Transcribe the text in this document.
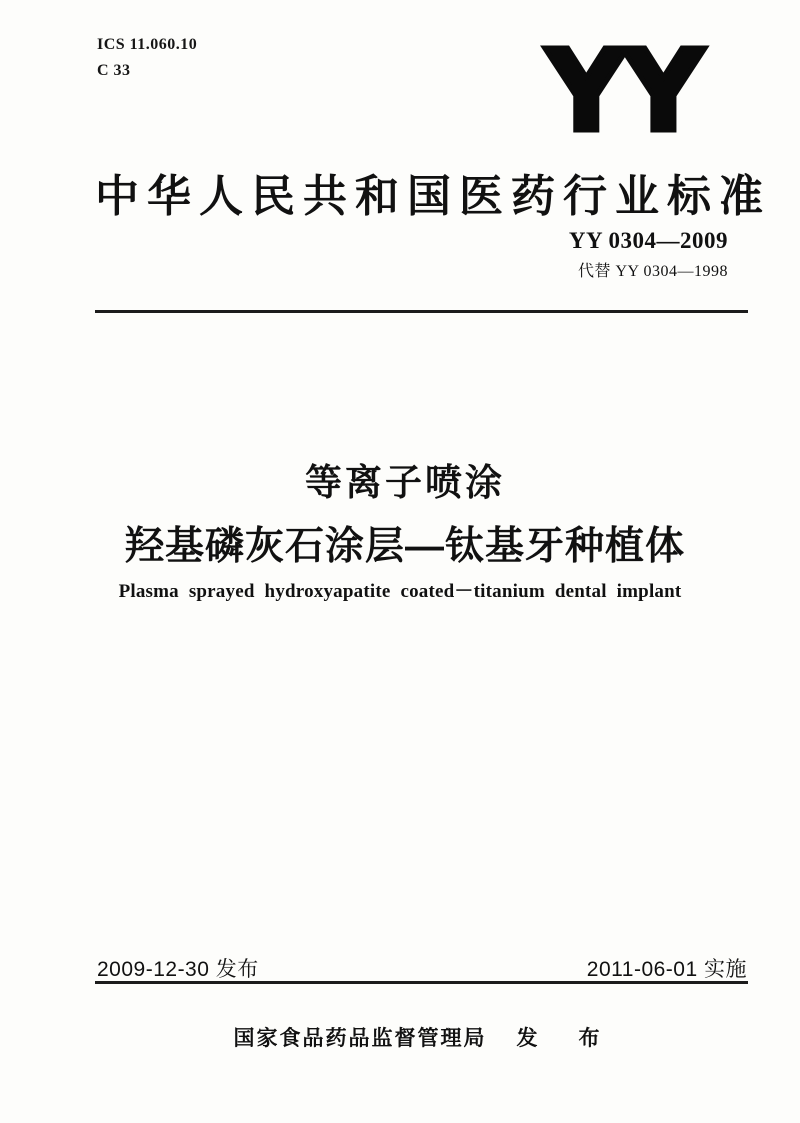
ICS 11.060.10
C 33	YY
中华人民共和国医药行业标准
YY 0304—2009
代替 YY 0304—1998
等离子喷涂
羟基磷灰石涂层—钛基牙种植体
Plasma sprayed hydroxyapatite coated－titanium dental implant
2009-12-30 发布	2011-06-01 实施
国家食品药品监督管理局 发　布
